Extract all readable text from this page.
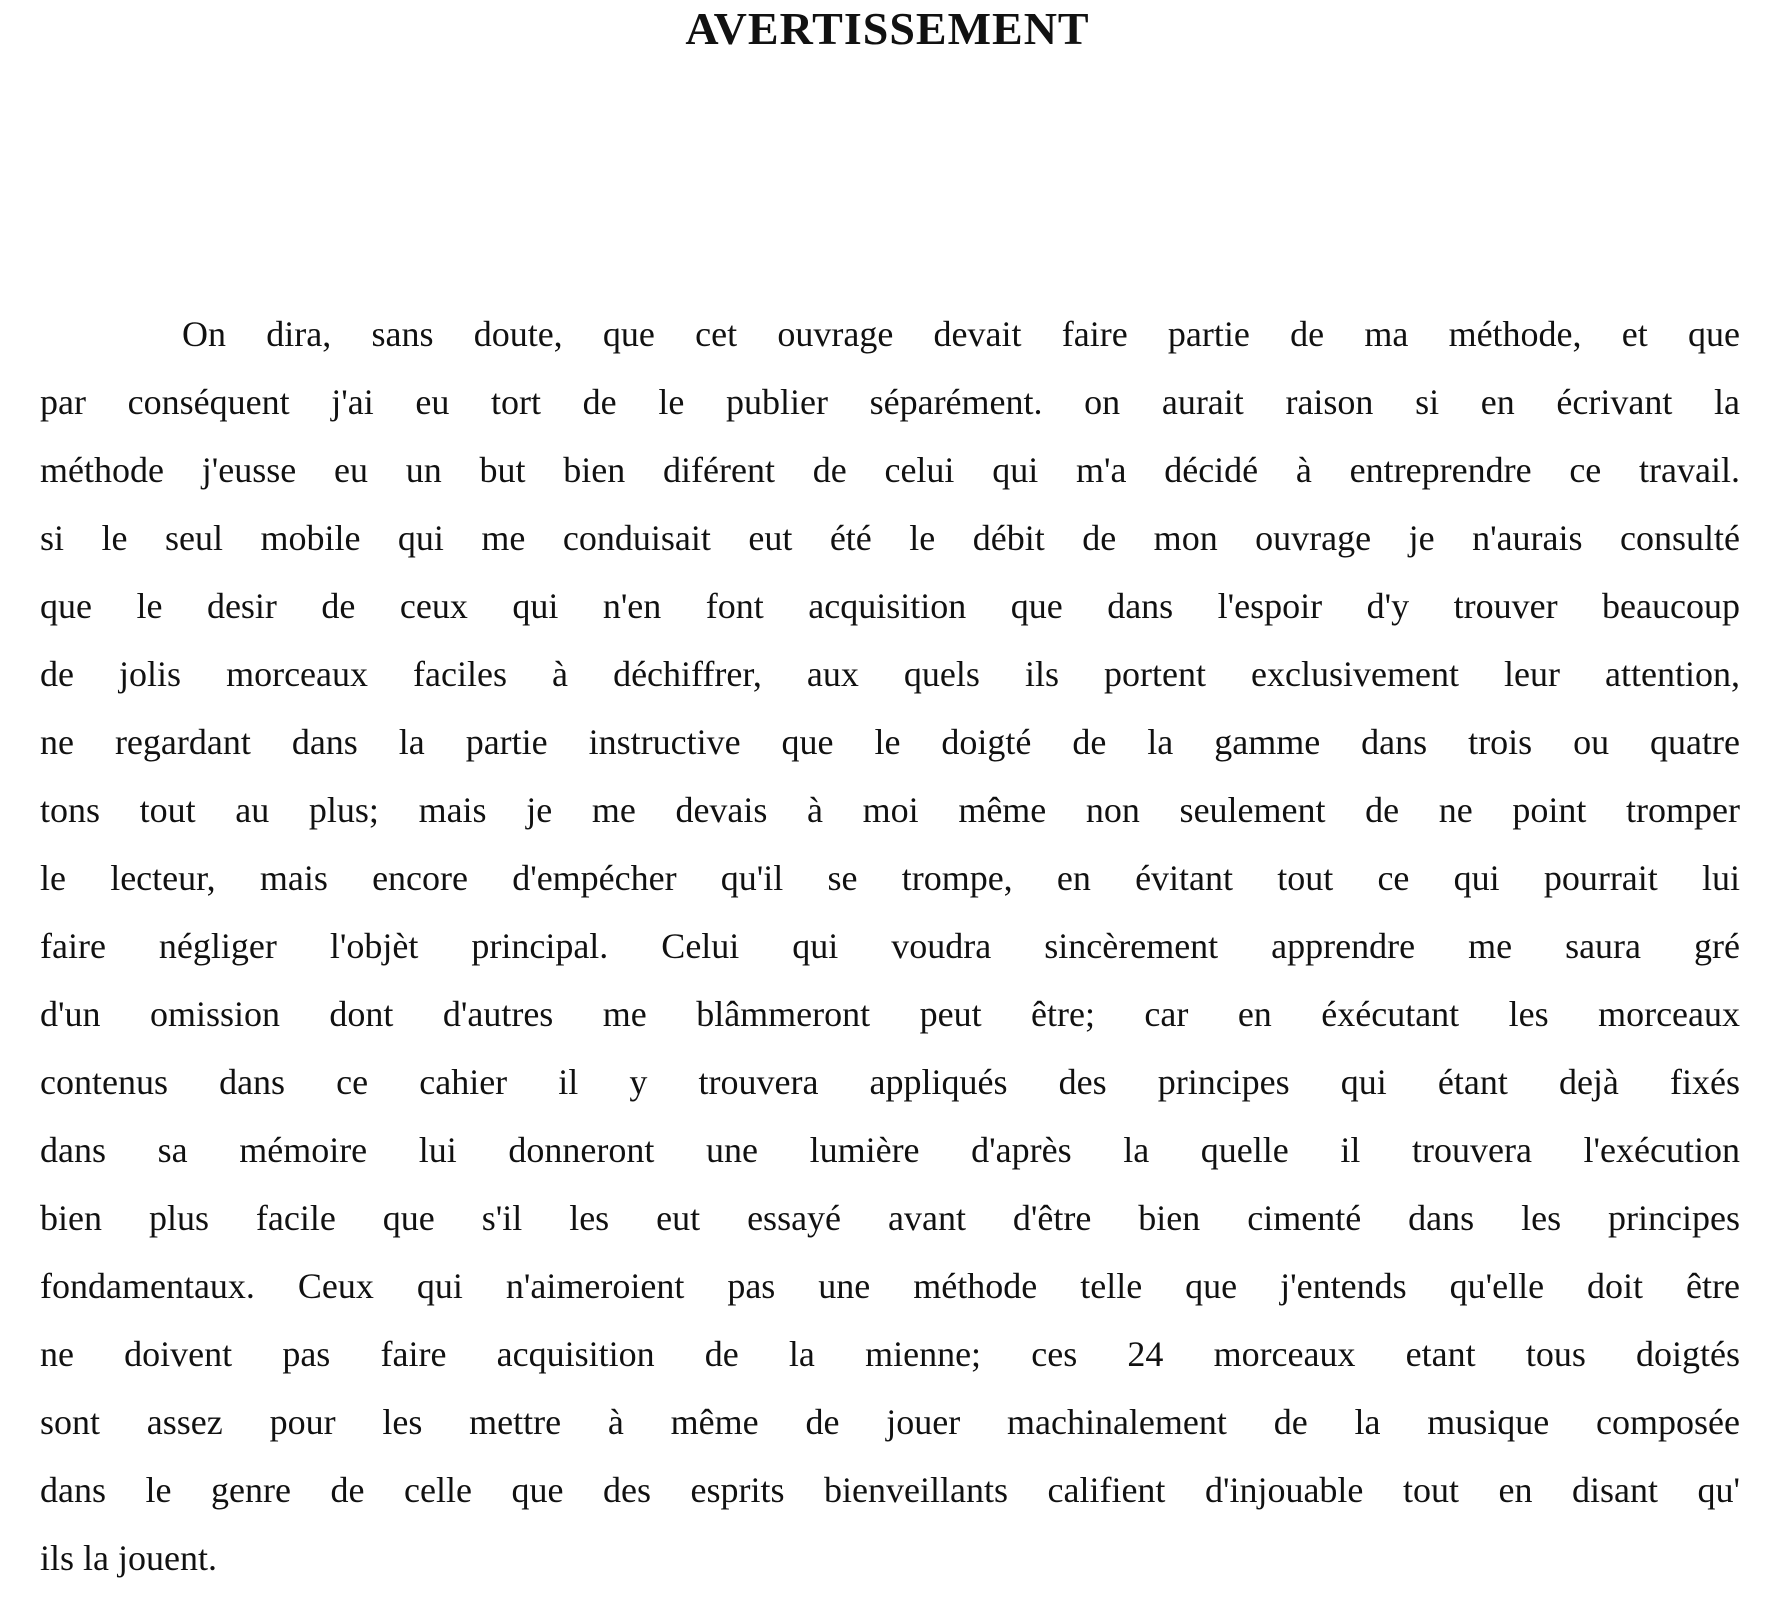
AVERTISSEMENT
On dira, sans doute, que cet ouvrage devait faire partie de ma méthode, et que
par conséquent j'ai eu tort de le publier séparément. on aurait raison si en écrivant la
méthode j'eusse eu un but bien diférent de celui qui m'a décidé à entreprendre ce travail.
si le seul mobile qui me conduisait eut été le débit de mon ouvrage je n'aurais consulté
que le desir de ceux qui n'en font acquisition que dans l'espoir d'y trouver beaucoup
de jolis morceaux faciles à déchiffrer, aux quels ils portent exclusivement leur attention,
ne regardant dans la partie instructive que le doigté de la gamme dans trois ou quatre
tons tout au plus; mais je me devais à moi même non seulement de ne point tromper
le lecteur, mais encore d'empécher qu'il se trompe, en évitant tout ce qui pourrait lui
faire négliger l'objèt principal. Celui qui voudra sincèrement apprendre me saura gré
d'un omission dont d'autres me blâmmeront peut être; car en éxécutant les morceaux
contenus dans ce cahier il y trouvera appliqués des principes qui étant dejà fixés
dans sa mémoire lui donneront une lumière d'après la quelle il trouvera l'exécution
bien plus facile que s'il les eut essayé avant d'être bien cimenté dans les principes
fondamentaux. Ceux qui n'aimeroient pas une méthode telle que j'entends qu'elle doit être
ne doivent pas faire acquisition de la mienne; ces 24 morceaux etant tous doigtés
sont assez pour les mettre à même de jouer machinalement de la musique composée
dans le genre de celle que des esprits bienveillants califient d'injouable tout en disant qu'
ils la jouent.
